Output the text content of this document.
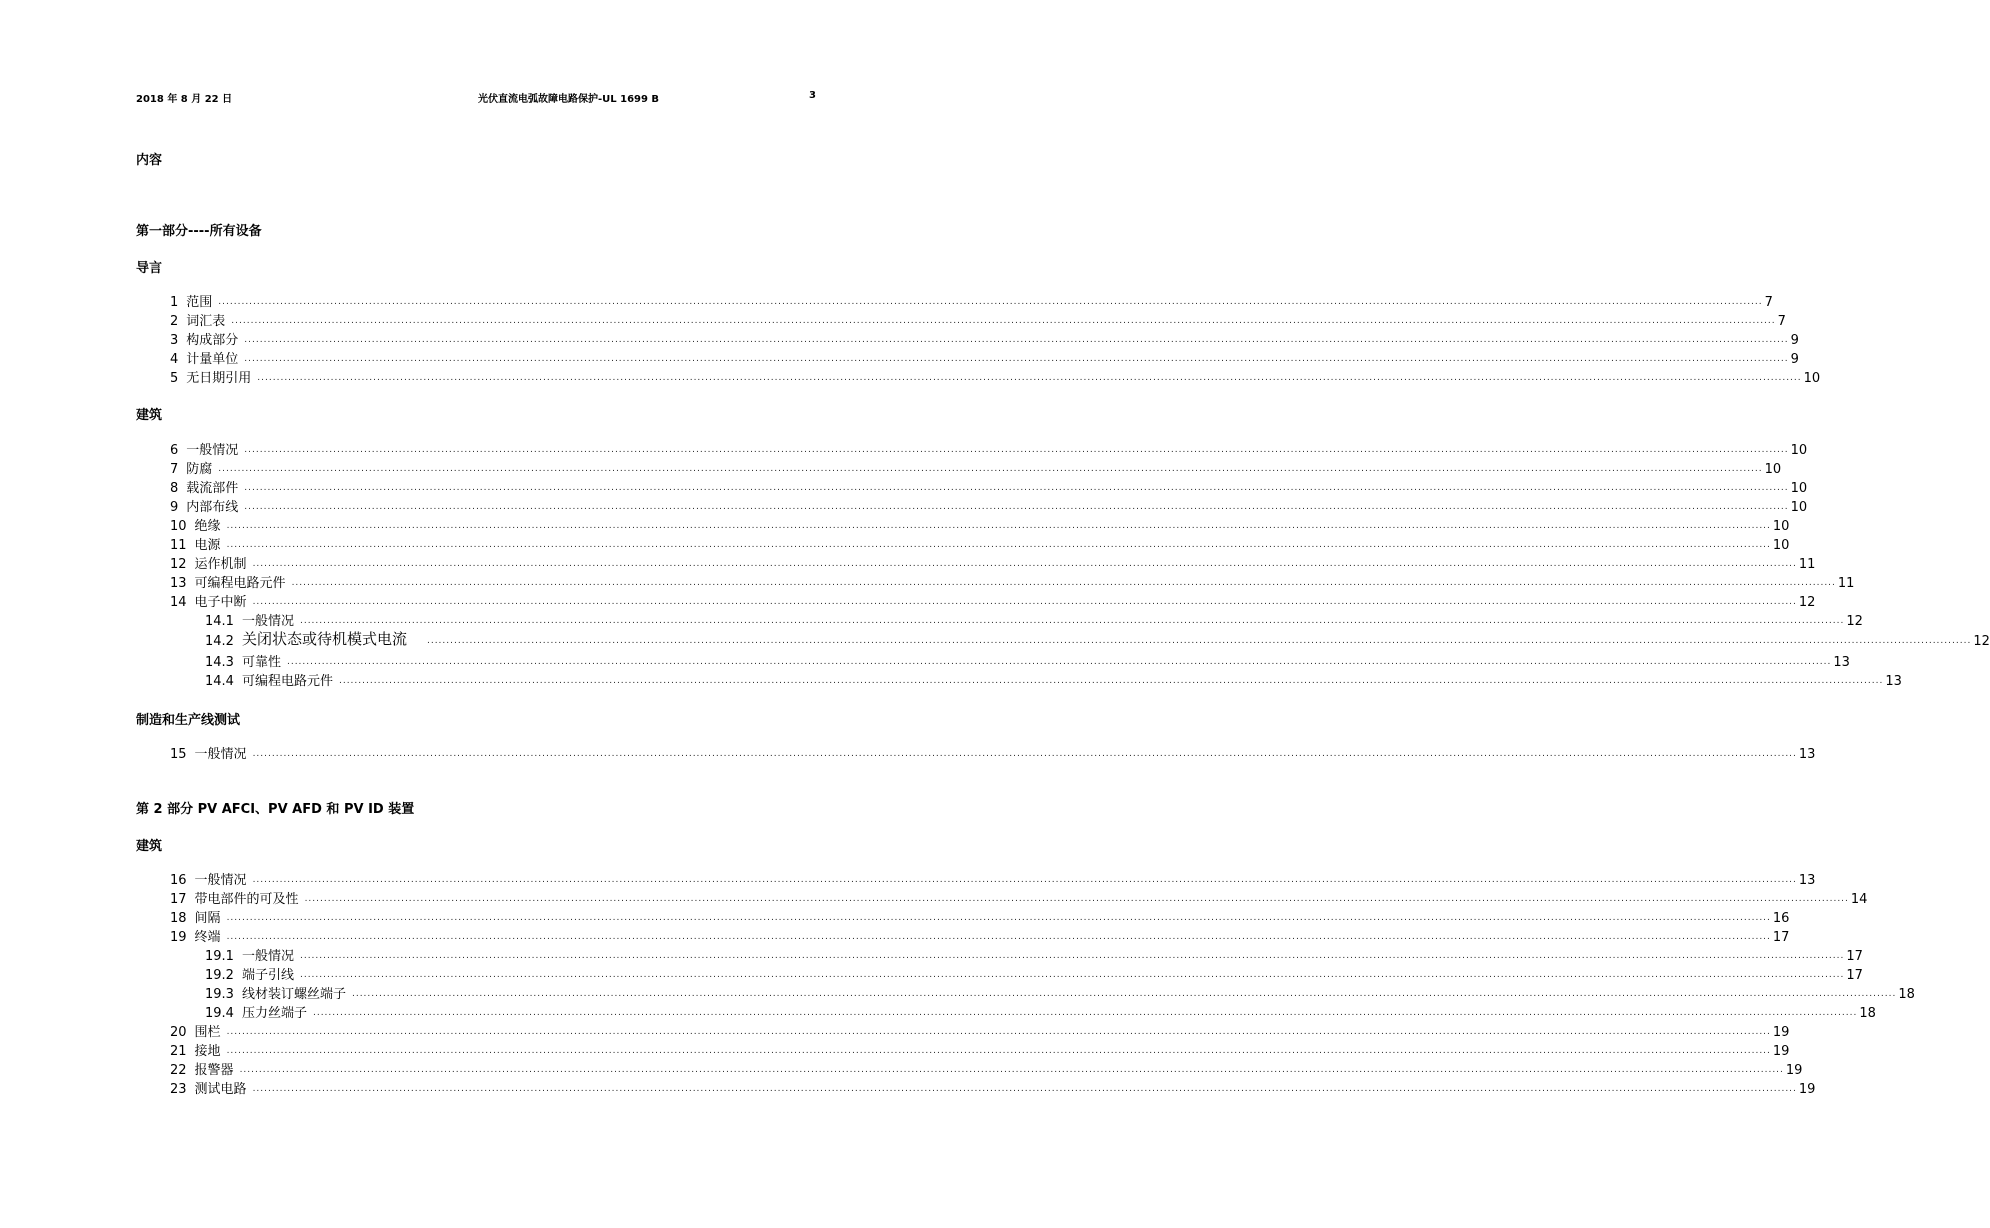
2018 年 8 月 22 日	光伏直流电弧故障电路保护-UL 1699 B	3
内容
第一部分----所有设备
导言
建筑
制造和生产线测试
第 2 部分 PV AFCI、PV AFD 和 PV ID 装置
建筑
1 范围 ................................................................................................................................................................................................................................................................................................................................................................................................................ 7
2 词汇表 ................................................................................................................................................................................................................................................................................................................................................................................................................ 7
3 构成部分 ................................................................................................................................................................................................................................................................................................................................................................................................................ 9
4 计量单位 ................................................................................................................................................................................................................................................................................................................................................................................................................ 9
5 无日期引用 ................................................................................................................................................................................................................................................................................................................................................................................................................ 10
6 一般情况 ................................................................................................................................................................................................................................................................................................................................................................................................................ 10
7 防腐 ................................................................................................................................................................................................................................................................................................................................................................................................................ 10
8 载流部件 ................................................................................................................................................................................................................................................................................................................................................................................................................ 10
9 内部布线 ................................................................................................................................................................................................................................................................................................................................................................................................................ 10
10 绝缘 ................................................................................................................................................................................................................................................................................................................................................................................................................ 10
11 电源 ................................................................................................................................................................................................................................................................................................................................................................................................................ 10
12 运作机制 ................................................................................................................................................................................................................................................................................................................................................................................................................ 11
13 可编程电路元件 ................................................................................................................................................................................................................................................................................................................................................................................................................ 11
14 电子中断 ................................................................................................................................................................................................................................................................................................................................................................................................................ 12
14.1 一般情况 ................................................................................................................................................................................................................................................................................................................................................................................................................ 12
14.2 关闭状态或待机模式电流	................................................................................................................................................................................................................................................................................................................................................................................................................ 12
14.3 可靠性 ................................................................................................................................................................................................................................................................................................................................................................................................................ 13
14.4 可编程电路元件 ................................................................................................................................................................................................................................................................................................................................................................................................................ 13
15 一般情况 ................................................................................................................................................................................................................................................................................................................................................................................................................ 13
16 一般情况 ................................................................................................................................................................................................................................................................................................................................................................................................................ 13
17 带电部件的可及性 ................................................................................................................................................................................................................................................................................................................................................................................................................ 14
18 间隔 ................................................................................................................................................................................................................................................................................................................................................................................................................ 16
19 终端 ................................................................................................................................................................................................................................................................................................................................................................................................................ 17
19.1 一般情况 ................................................................................................................................................................................................................................................................................................................................................................................................................ 17
19.2 端子引线 ................................................................................................................................................................................................................................................................................................................................................................................................................ 17
19.3 线材装订螺丝端子 ................................................................................................................................................................................................................................................................................................................................................................................................................ 18
19.4 压力丝端子 ................................................................................................................................................................................................................................................................................................................................................................................................................ 18
20 围栏 ................................................................................................................................................................................................................................................................................................................................................................................................................ 19
21 接地 ................................................................................................................................................................................................................................................................................................................................................................................................................ 19
22 报警器 ................................................................................................................................................................................................................................................................................................................................................................................................................ 19
23 测试电路 ................................................................................................................................................................................................................................................................................................................................................................................................................ 19
